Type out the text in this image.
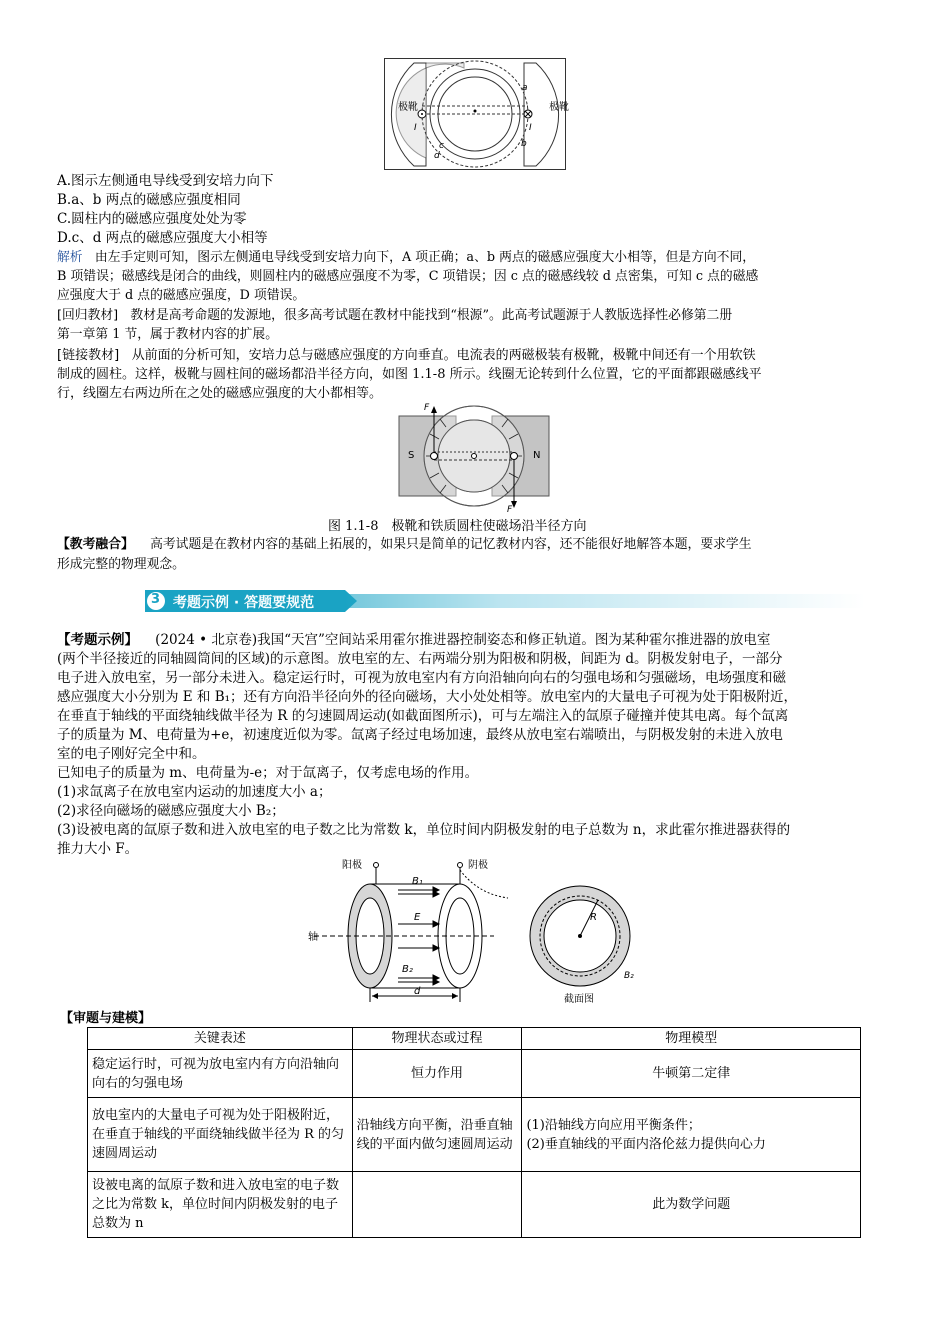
极靴	极靴
a
b
c
d
I	I
A.图示左侧通电导线受到安培力向下
B.a、b 两点的磁感应强度相同
C.圆柱内的磁感应强度处处为零
D.c、d 两点的磁感应强度大小相等
解析 由左手定则可知，图示左侧通电导线受到安培力向下，A 项正确；a、b 两点的磁感应强度大小相等，但是方向不同，
B 项错误；磁感线是闭合的曲线，则圆柱内的磁感应强度不为零，C 项错误；因 c 点的磁感线较 d 点密集，可知 c 点的磁感
应强度大于 d 点的磁感应强度，D 项错误。
[回归教材] 教材是高考命题的发源地，很多高考试题在教材中能找到“根源”。此高考试题源于人教版选择性必修第二册
第一章第 1 节，属于教材内容的扩展。
[链接教材] 从前面的分析可知，安培力总与磁感应强度的方向垂直。电流表的两磁极装有极靴，极靴中间还有一个用软铁
制成的圆柱。这样，极靴与圆柱间的磁场都沿半径方向，如图 1.1-8 所示。线圈无论转到什么位置，它的平面都跟磁感线平
行，线圈左右两边所在之处的磁感应强度的大小都相等。
S	N
F
F
图 1.1-8　极靴和铁质圆柱使磁场沿半径方向
【教考融合】 高考试题是在教材内容的基础上拓展的，如果只是简单的记忆教材内容，还不能很好地解答本题，要求学生
形成完整的物理观念。
3 考题示例 · 答题要规范
【考题示例】 (2024 • 北京卷)我国“天宫”空间站采用霍尔推进器控制姿态和修正轨道。图为某种霍尔推进器的放电室
(两个半径接近的同轴圆筒间的区域)的示意图。放电室的左、右两端分别为阳极和阴极，间距为 d。阴极发射电子，一部分
电子进入放电室，另一部分未进入。稳定运行时，可视为放电室内有方向沿轴向向右的匀强电场和匀强磁场，电场强度和磁
感应强度大小分别为 E 和 B₁；还有方向沿半径向外的径向磁场，大小处处相等。放电室内的大量电子可视为处于阳极附近，
在垂直于轴线的平面绕轴线做半径为 R 的匀速圆周运动(如截面图所示)，可与左端注入的氙原子碰撞并使其电离。每个氙离
子的质量为 M、电荷量为+e，初速度近似为零。氙离子经过电场加速，最终从放电室右端喷出，与阴极发射的未进入放电
室的电子刚好完全中和。
已知电子的质量为 m、电荷量为-e；对于氙离子，仅考虑电场的作用。
(1)求氙离子在放电室内运动的加速度大小 a；
(2)求径向磁场的磁感应强度大小 B₂；
(3)设被电离的氙原子数和进入放电室的电子数之比为常数 k，单位时间内阴极发射的电子总数为 n，求此霍尔推进器获得的
推力大小 F。
阳极	阴极
轴
B₁
E
B₂
d
R
B₂
截面图
【审题与建模】
关键表述	物理状态或过程	物理模型
稳定运行时，可视为放电室内有方向沿轴向向右的匀强电场	恒力作用	牛顿第二定律
放电室内的大量电子可视为处于阳极附近，在垂直于轴线的平面绕轴线做半径为 R 的匀速圆周运动	沿轴线方向平衡，沿垂直轴线的平面内做匀速圆周运动	(1)沿轴线方向应用平衡条件；
(2)垂直轴线的平面内洛伦兹力提供向心力

设被电离的氙原子数和进入放电室的电子数之比为常数 k，单位时间内阴极发射的电子总数为 n		此为数学问题
